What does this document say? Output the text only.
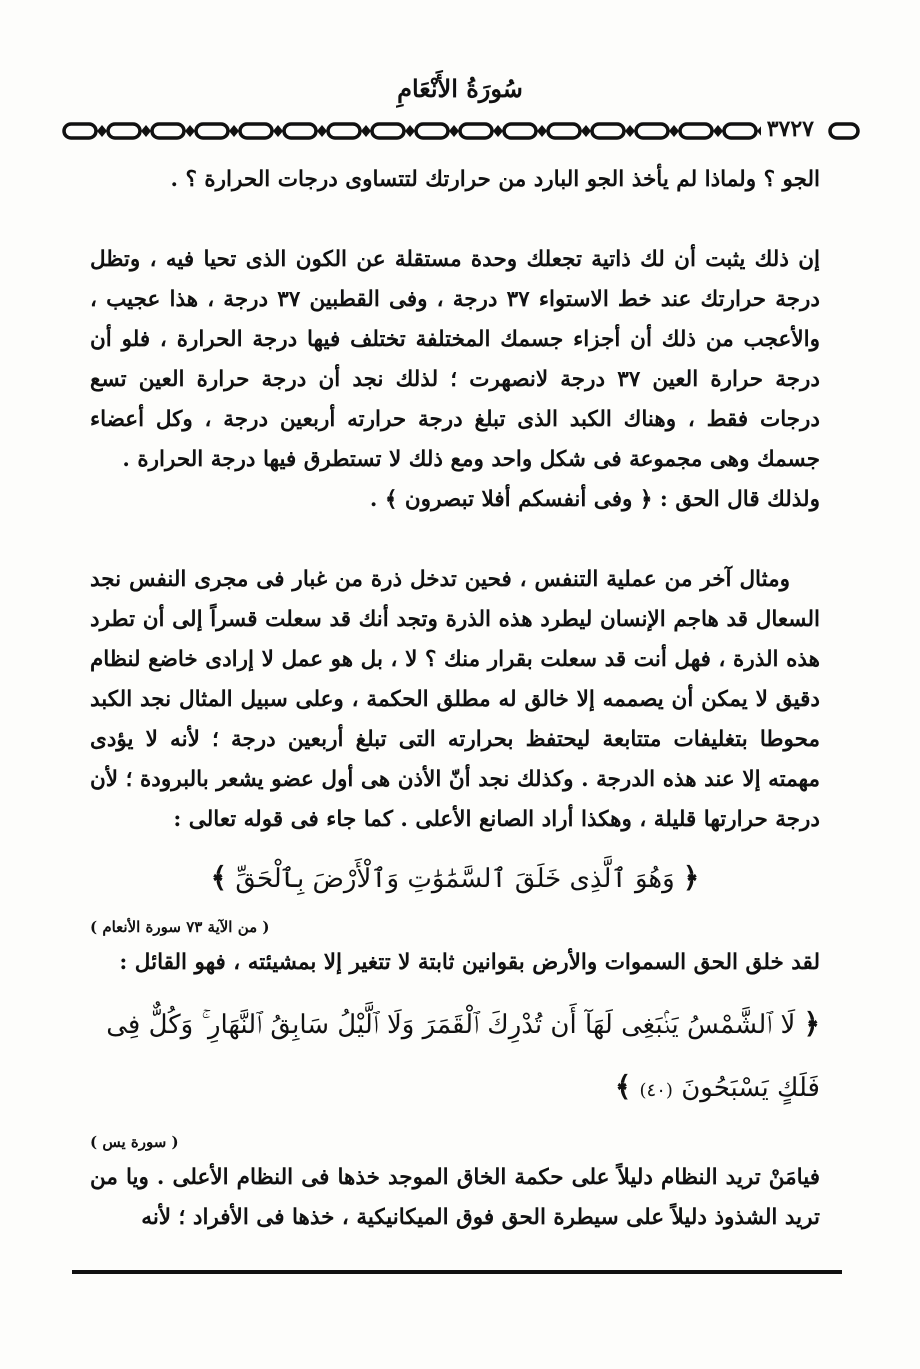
سُورَةُ الأَنْعَامِ
٣٧٢٧

الجو ؟ ولماذا لم يأخذ الجو البارد من حرارتك لتتساوى درجات الحرارة ؟ .

إن ذلك يثبت أن لك ذاتية تجعلك وحدة مستقلة عن الكون الذى تحيا فيه ، وتظل درجة حرارتك عند خط الاستواء ٣٧ درجة ، وفى القطبين ٣٧ درجة ، هذا عجيب ، والأعجب من ذلك أن أجزاء جسمك المختلفة تختلف فيها درجة الحرارة ، فلو أن درجة حرارة العين ٣٧ درجة لانصهرت ؛ لذلك نجد أن درجة حرارة العين تسع درجات فقط ، وهناك الكبد الذى تبلغ درجة حرارته أربعين درجة ، وكل أعضاء جسمك وهى مجموعة فى شكل واحد ومع ذلك لا تستطرق فيها درجة الحرارة .

ولذلك قال الحق : ﴿ وفى أنفسكم أفلا تبصرون ﴾ .

ومثال آخر من عملية التنفس ، فحين تدخل ذرة من غبار فى مجرى النفس نجد السعال قد هاجم الإنسان ليطرد هذه الذرة وتجد أنك قد سعلت قسراً إلى أن تطرد هذه الذرة ، فهل أنت قد سعلت بقرار منك ؟ لا ، بل هو عمل لا إرادى خاضع لنظام دقيق لا يمكن أن يصممه إلا خالق له مطلق الحكمة ، وعلى سبيل المثال نجد الكبد محوطا بتغليفات متتابعة ليحتفظ بحرارته التى تبلغ أربعين درجة ؛ لأنه لا يؤدى مهمته إلا عند هذه الدرجة . وكذلك نجد أنّ الأذن هى أول عضو يشعر بالبرودة ؛ لأن درجة حرارتها قليلة ، وهكذا أراد الصانع الأعلى . كما جاء فى قوله تعالى :

﴿ وَهُوَ ٱلَّذِى خَلَقَ ٱلسَّمَٰوَٰتِ وَٱلْأَرْضَ بِٱلْحَقِّ ﴾
( من الآية ٧٣ سورة الأنعام )

لقد خلق الحق السموات والأرض بقوانين ثابتة لا تتغير إلا بمشيئته ، فهو القائل :

﴿ لَا ٱلشَّمْسُ يَنۢبَغِى لَهَآ أَن تُدْرِكَ ٱلْقَمَرَ وَلَا ٱلَّيْلُ سَابِقُ ٱلنَّهَارِ ۚ وَكُلٌّ فِى فَلَكٍ يَسْبَحُونَ (٤٠) ﴾
( سورة يس )

فيامَنْ تريد النظام دليلاً على حكمة الخاق الموجد خذها فى النظام الأعلى . ويا من تريد الشذوذ دليلاً على سيطرة الحق فوق الميكانيكية ، خذها فى الأفراد ؛ لأنه
